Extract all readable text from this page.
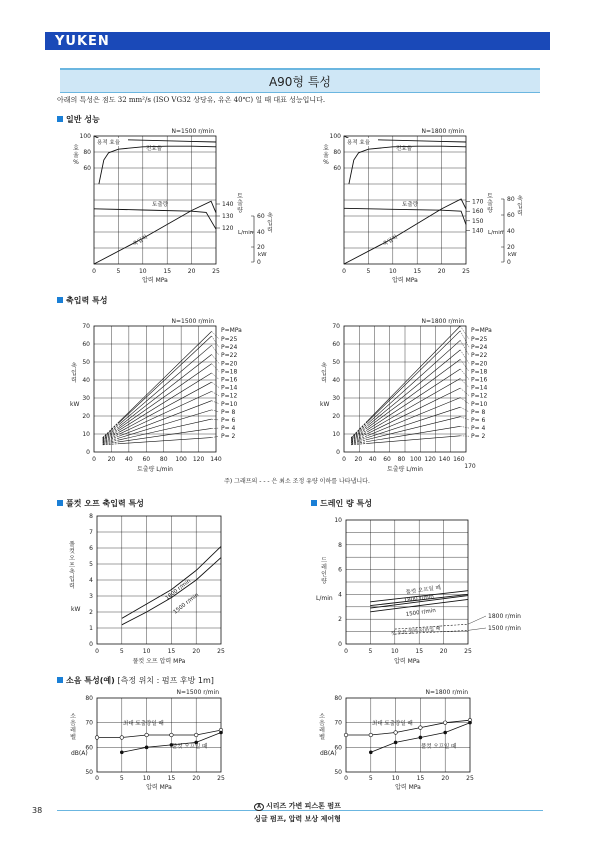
YUKEN
A90형 특성
아래의 특성은 점도 32 mm²/s (ISO VG32 상당유, 유온 40℃) 일 때 대표 성능입니다.
일반 성능
축입력 특성
풀컷 오프 축입력 특성	드레인 량 특성
소음 특성(예) [측정 위치 : 펌프 후방 1m]
N=1500 r/min
용적 효율
전효율
토출량
축입력
100
80
60
효
율
%
0	5	10	15	20	25
압력 MPa
140
130
120
토
출
량
L/min
60
40
20
0
축
입
력
kW
N=1800 r/min
용적 효율
전효율
토출량
축입력
100
80
60
효
율
%
0	5	10	15	20	25
압력 MPa
170
160
150
140
토
출
량
L/min
80
60
40
20
0
축
입
력
kW
P=25
P=24
P=22
P=20
P=18
P=16
P=14
P=12
P=10
P= 8
P= 6
P= 4
P= 2
P=MPa
N=1500 r/min
70
60
50
40
30
20
10
0
축
입
력
kW
0 20 40 60 80 100 120 140
토출량 L/min
P=25
P=24
P=22
P=20
P=18
P=16
P=14
P=12
P=10
P= 8
P= 6
P= 4
P= 2
P=MPa
N=1800 r/min
70
60
50
40
30
20
10
0
축
입
력
kW
0 20 40 60 80 100 120 140 160
170
토출량 L/min
주) 그래프의 - - - 은 최소 조정 유량 이하를 나타냅니다.
1800 r/min
1500 r/min
8
7
6
5
4
3
2
1
0
풀
컷
오
프
축
입
력
kW
0	5	10	15	20	25
풀컷 오프 압력 MPa
풀컷 오프일 때
1800 r/min
1500 r/min
컷 오프 압력 이하일 때
1800 r/min
1500 r/min
10
8
6
4
2
0
드
레
인
량
L/min
0	5	10	15	20	25
압력 MPa
N=1500 r/min
최대 토출량일 때
풀컷 오프일 때
80
70
60
50
소
음
레
벨
dB(A)
0	5	10	15	20	25
압력 MPa
N=1800 r/min
최대 토출량일 때
풀컷 오프일 때
80
70
60
50
소
음
레
벨
dB(A)
0	5	10	15	20	25
압력 MPa
38	A 시리즈 가변 피스톤 펌프
싱글 펌프, 압력 보상 제어형
